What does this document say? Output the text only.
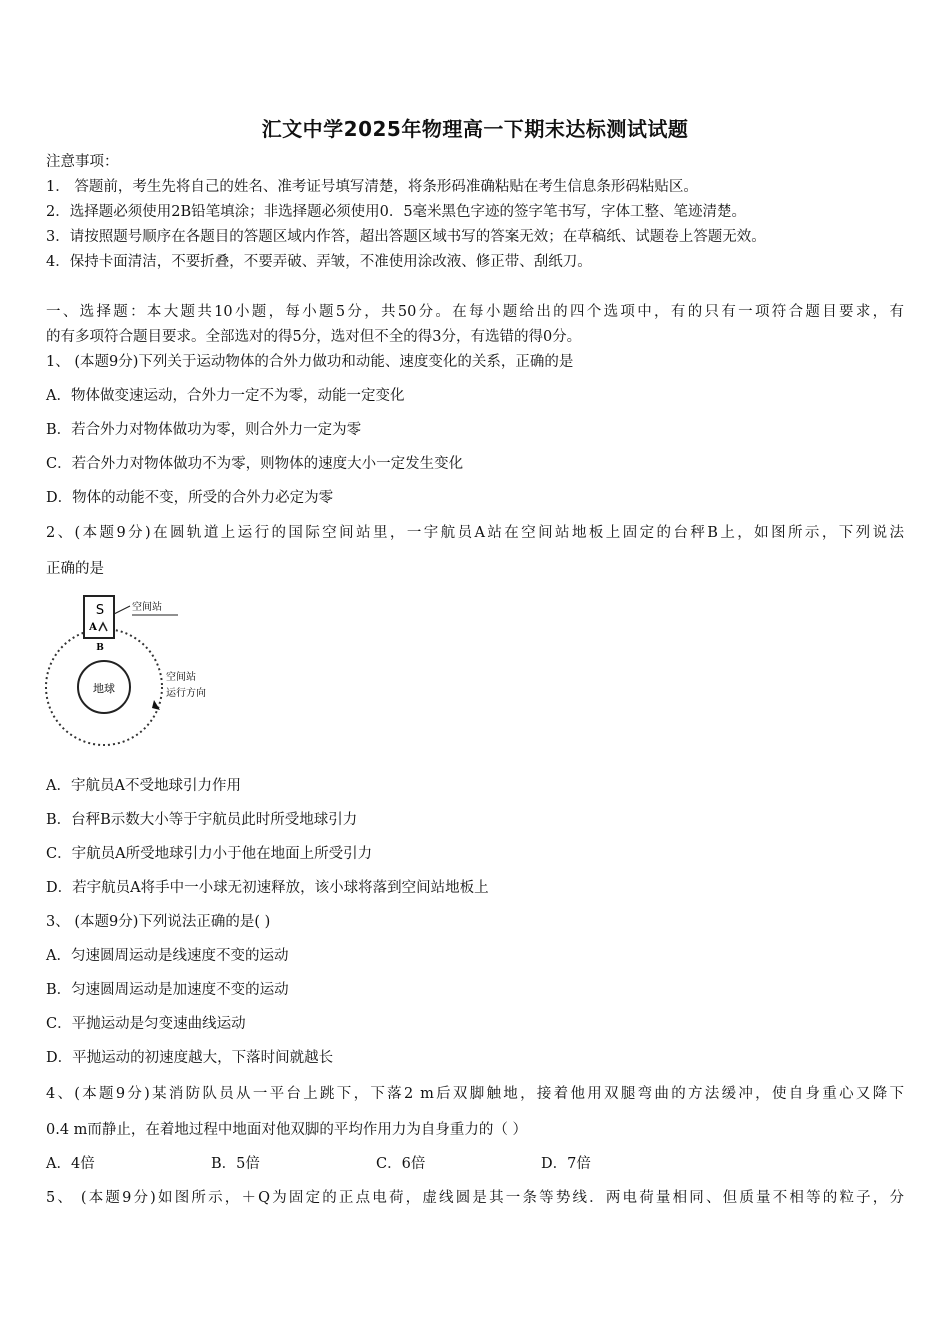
汇文中学2025年物理高一下期末达标测试试题
注意事项：
1． 答题前，考生先将自己的姓名、准考证号填写清楚，将条形码准确粘贴在考生信息条形码粘贴区。
2．选择题必须使用2B铅笔填涂；非选择题必须使用0．5毫米黑色字迹的签字笔书写，字体工整、笔迹清楚。
3．请按照题号顺序在各题目的答题区域内作答，超出答题区域书写的答案无效；在草稿纸、试题卷上答题无效。
4．保持卡面清洁，不要折叠，不要弄破、弄皱，不准使用涂改液、修正带、刮纸刀。
一、选择题：本大题共10小题，每小题5分，共50分。在每小题给出的四个选项中，有的只有一项符合题目要求，有
的有多项符合题目要求。全部选对的得5分，选对但不全的得3分，有选错的得0分。
1、 (本题9分)下列关于运动物体的合外力做功和动能、速度变化的关系，正确的是
A．物体做变速运动，合外力一定不为零，动能一定变化
B．若合外力对物体做功为零，则合外力一定为零
C．若合外力对物体做功不为零，则物体的速度大小一定发生变化
D．物体的动能不变，所受的合外力必定为零
2、(本题9分)在圆轨道上运行的国际空间站里，一宇航员A站在空间站地板上固定的台秤B上，如图所示，下列说法
正确的是
地球
S
A
B
空间站
空间站
运行方向
A．宇航员A不受地球引力作用
B．台秤B示数大小等于宇航员此时所受地球引力
C．宇航员A所受地球引力小于他在地面上所受引力
D．若宇航员A将手中一小球无初速释放，该小球将落到空间站地板上
3、 (本题9分)下列说法正确的是( )
A．匀速圆周运动是线速度不变的运动
B．匀速圆周运动是加速度不变的运动
C．平抛运动是匀变速曲线运动
D．平抛运动的初速度越大，下落时间就越长
4、(本题9分)某消防队员从一平台上跳下，下落2 m后双脚触地，接着他用双腿弯曲的方法缓冲，使自身重心又降下
0.4 m而静止，在着地过程中地面对他双脚的平均作用力为自身重力的（ ）
A．4倍	B．5倍	C．6倍	D．7倍
5、 (本题9分)如图所示，＋Q为固定的正点电荷，虚线圆是其一条等势线．两电荷量相同、但质量不相等的粒子，分
